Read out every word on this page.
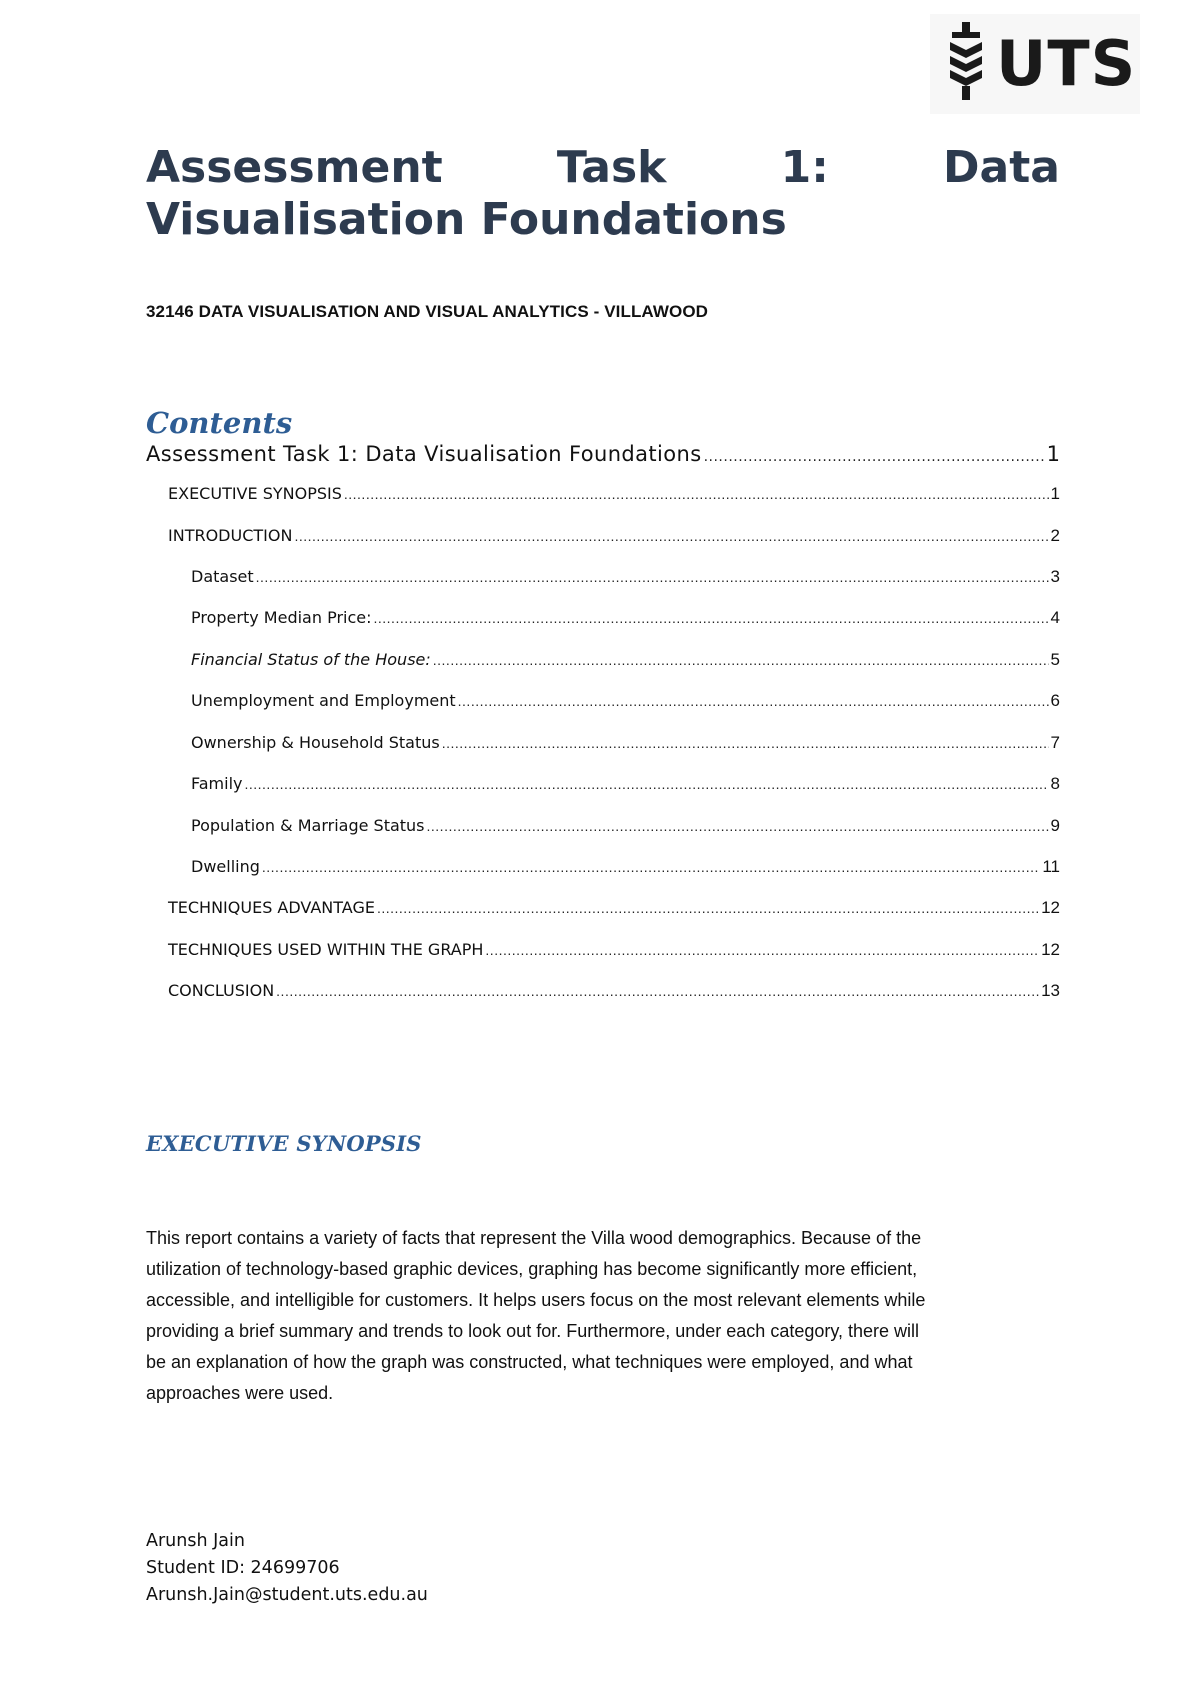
UTS
Assessment	Task	1:	Data
Visualisation Foundations
32146 DATA VISUALISATION AND VISUAL ANALYTICS - VILLAWOOD
Contents
Assessment Task 1: Data Visualisation Foundations .....	1
EXECUTIVE SYNOPSIS .....	1
INTRODUCTION .....	2
Dataset .....	3
Property Median Price: .....	4
Financial Status of the House: .....	5
Unemployment and Employment .....	6
Ownership & Household Status .....	7
Family .....	8
Population & Marriage Status .....	9
Dwelling .....	11
TECHNIQUES ADVANTAGE .....	12
TECHNIQUES USED WITHIN THE GRAPH .....	12
CONCLUSION .....	13
EXECUTIVE SYNOPSIS
This report contains a variety of facts that represent the Villa wood demographics. Because of the
utilization of technology-based graphic devices, graphing has become significantly more efficient,
accessible, and intelligible for customers. It helps users focus on the most relevant elements while
providing a brief summary and trends to look out for. Furthermore, under each category, there will
be an explanation of how the graph was constructed, what techniques were employed, and what
approaches were used.
Arunsh Jain
Student ID: 24699706
Arunsh.Jain@student.uts.edu.au
